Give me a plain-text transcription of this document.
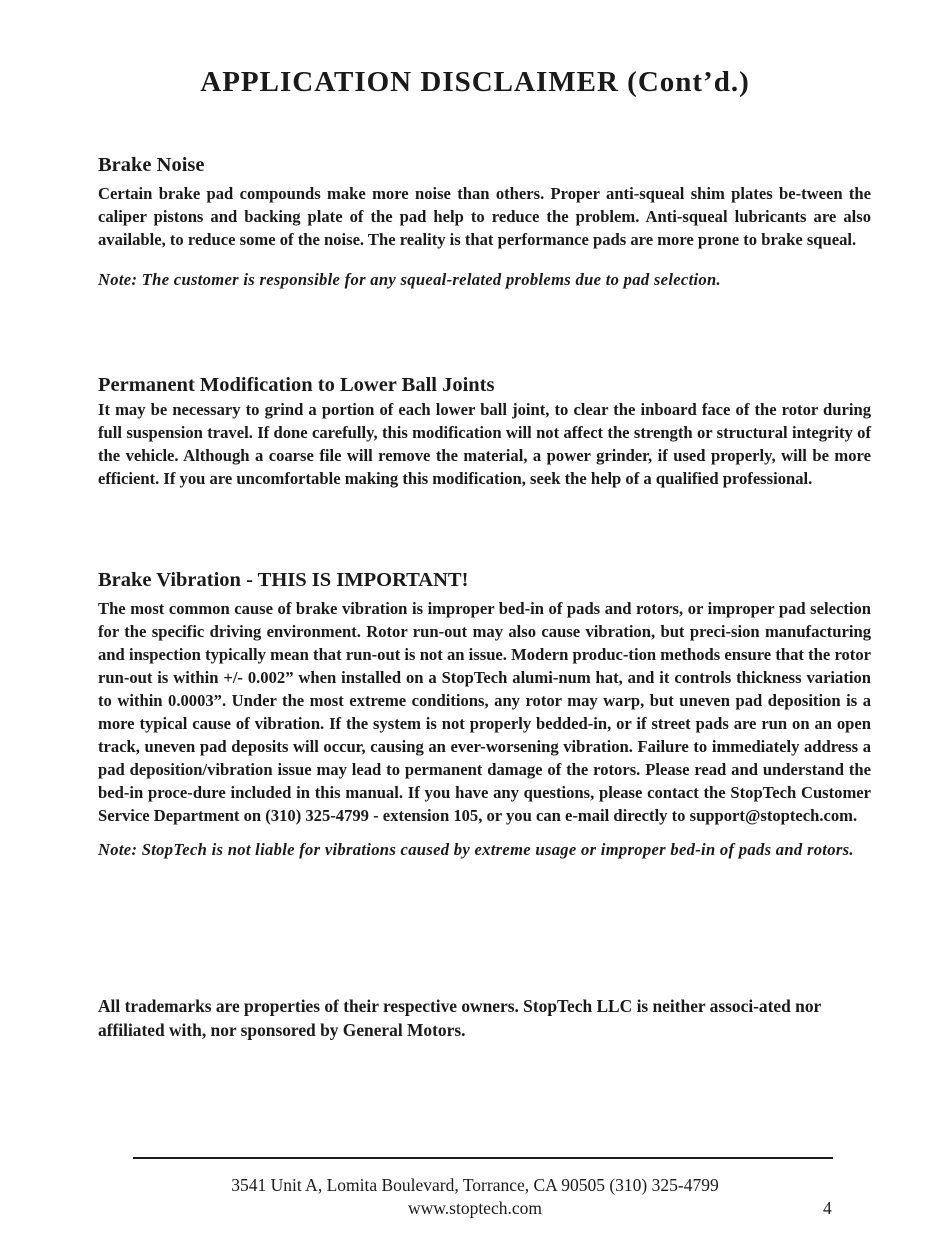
APPLICATION DISCLAIMER (Cont’d.)
Brake Noise

Certain brake pad compounds make more noise than others. Proper anti-squeal shim plates be-tween the caliper pistons and backing plate of the pad help to reduce the problem. Anti-squeal lubricants are also available, to reduce some of the noise. The reality is that performance pads are more prone to brake squeal.

Note: The customer is responsible for any squeal-related problems due to pad selection.

Permanent Modification to Lower Ball Joints

It may be necessary to grind a portion of each lower ball joint, to clear the inboard face of the rotor during full suspension travel. If done carefully, this modification will not affect the strength or structural integrity of the vehicle. Although a coarse file will remove the material, a power grinder, if used properly, will be more efficient. If you are uncomfortable making this modification, seek the help of a qualified professional.

Brake Vibration - THIS IS IMPORTANT!

The most common cause of brake vibration is improper bed-in of pads and rotors, or improper pad selection for the specific driving environment. Rotor run-out may also cause vibration, but preci-sion manufacturing and inspection typically mean that run-out is not an issue. Modern produc-tion methods ensure that the rotor run-out is within +/- 0.002” when installed on a StopTech alumi-num hat, and it controls thickness variation to within 0.0003”. Under the most extreme conditions, any rotor may warp, but uneven pad deposition is a more typical cause of vibration. If the system is not properly bedded-in, or if street pads are run on an open track, uneven pad deposits will occur, causing an ever-worsening vibration. Failure to immediately address a pad deposition/vibration issue may lead to permanent damage of the rotors. Please read and understand the bed-in proce-dure included in this manual. If you have any questions, please contact the StopTech Customer Service Department on (310) 325-4799 - extension 105, or you can e-mail directly to support@stoptech.com.

Note: StopTech is not liable for vibrations caused by extreme usage or improper bed-in of pads and rotors.

All trademarks are properties of their respective owners. StopTech LLC is neither associ-ated nor affiliated with, nor sponsored by General Motors.

3541 Unit A, Lomita Boulevard, Torrance, CA 90505 (310) 325-4799

www.stoptech.com	4
